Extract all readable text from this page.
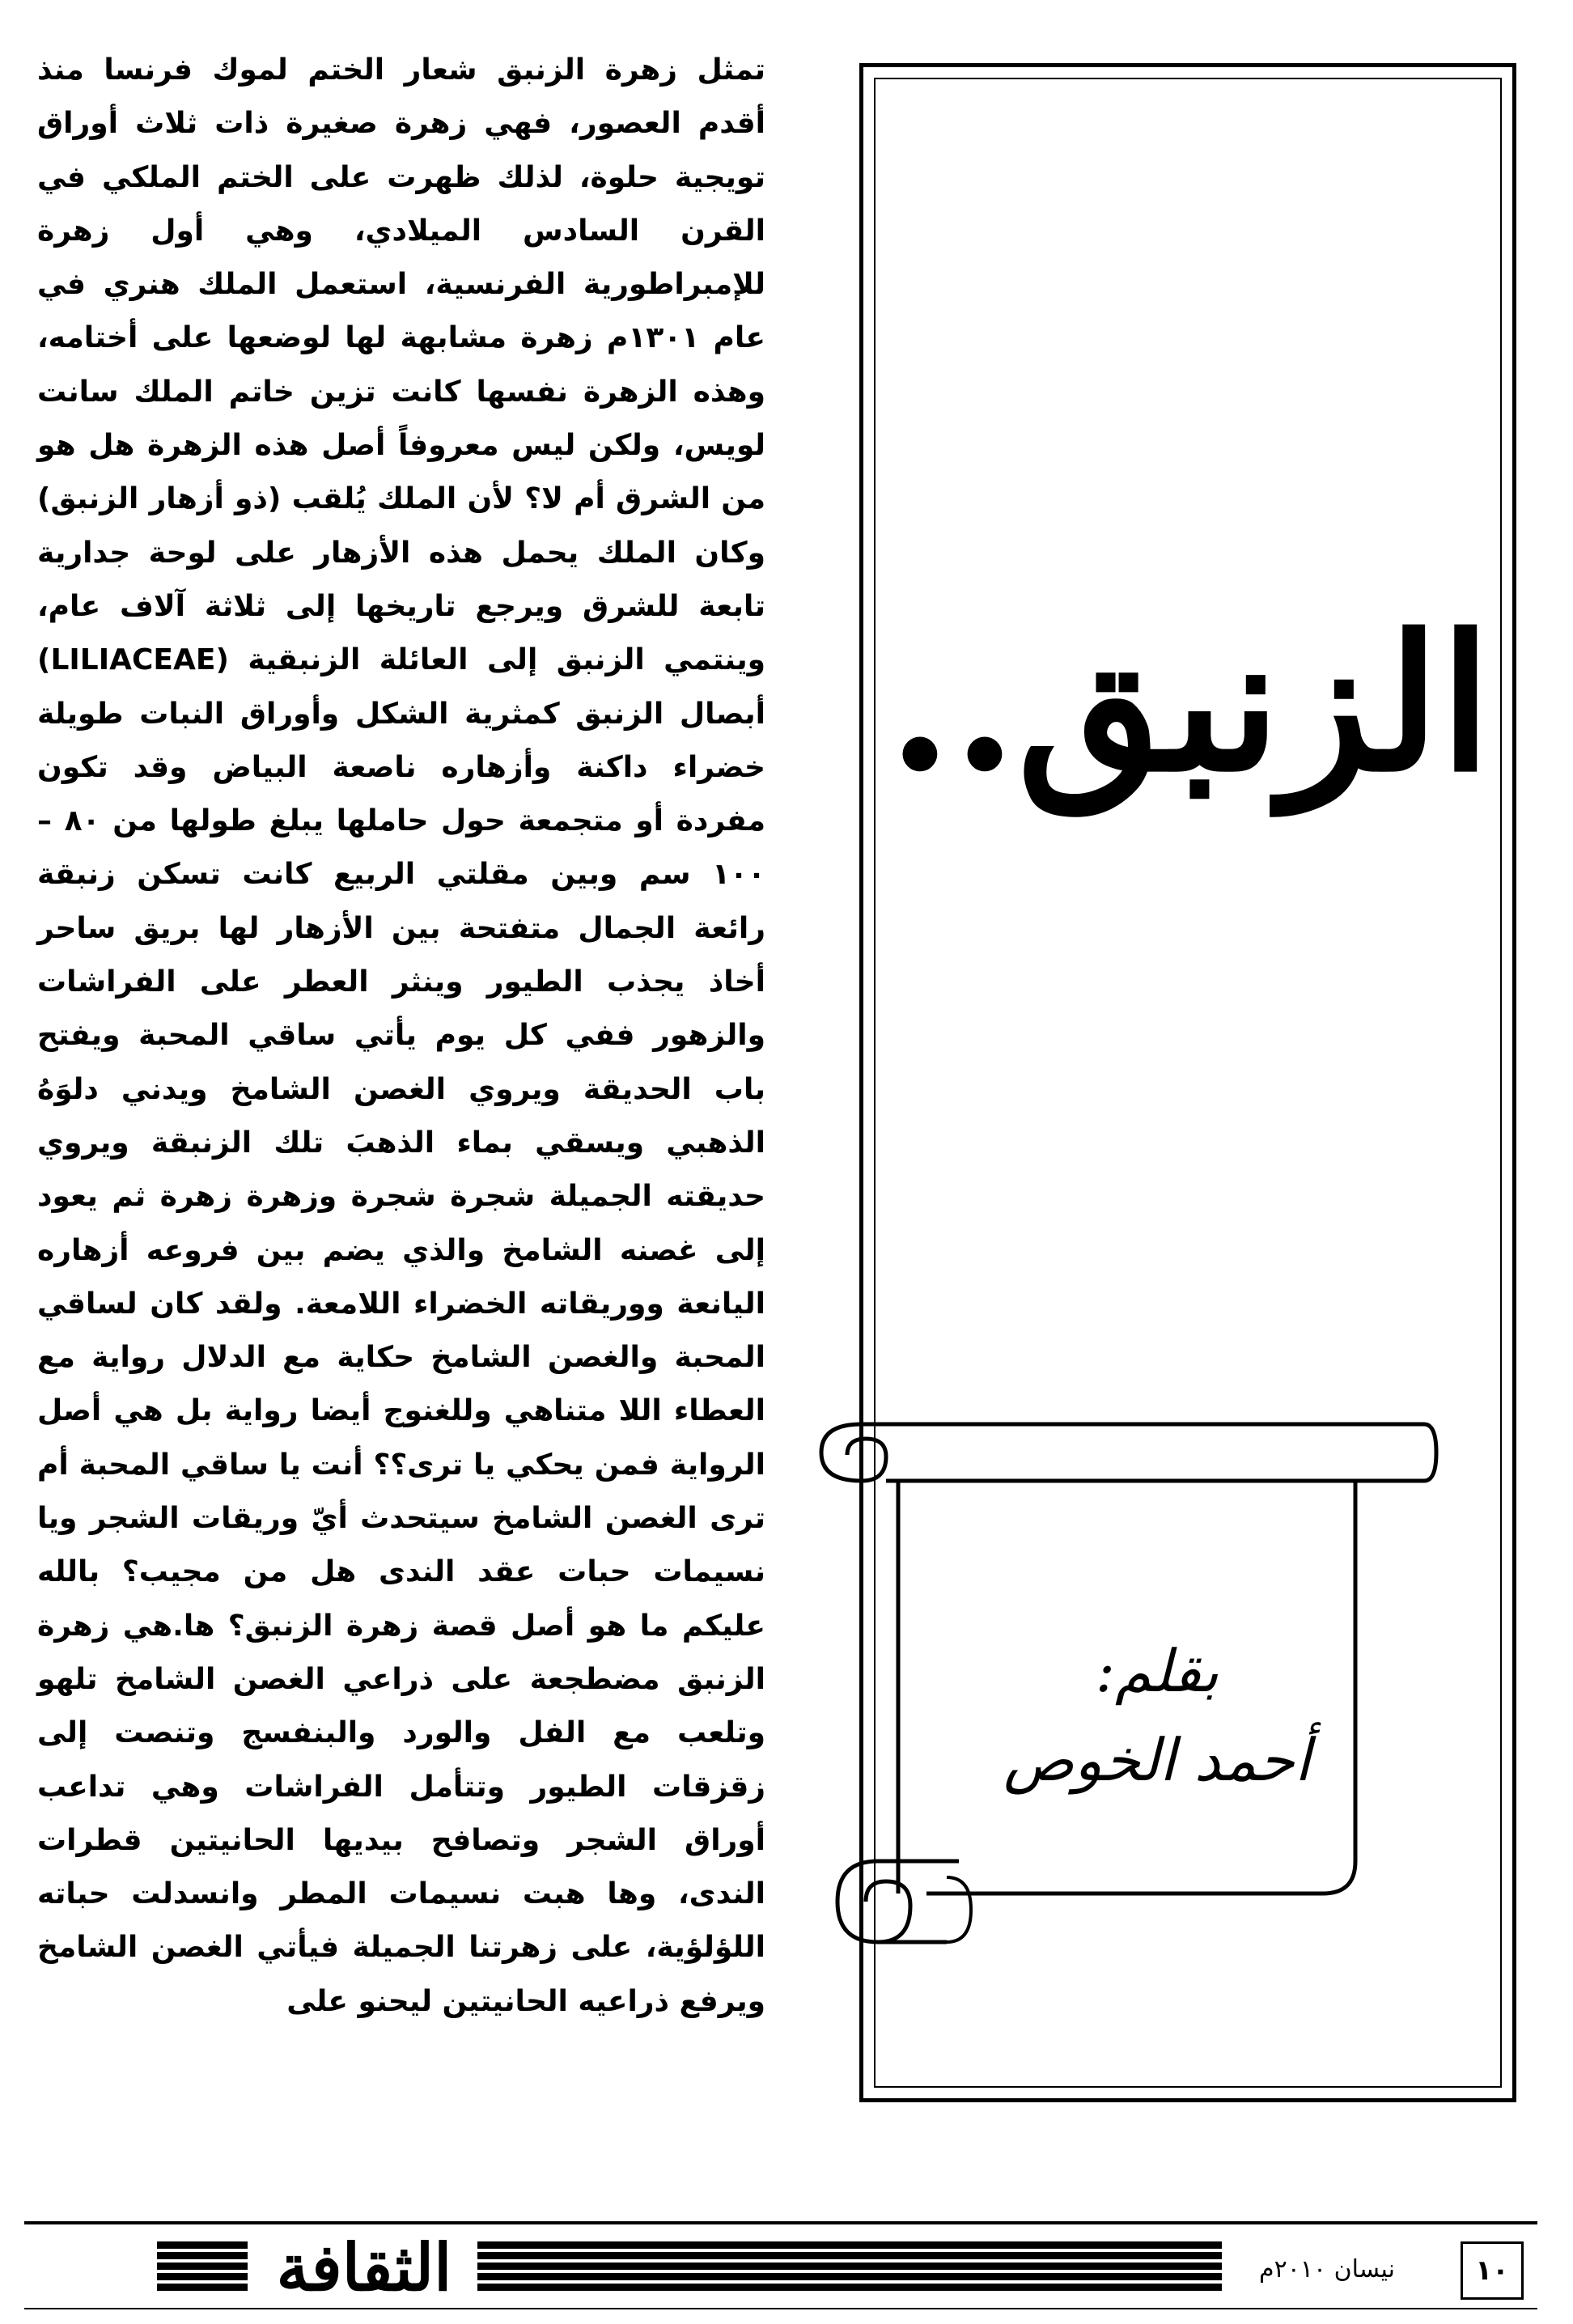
الزنبق..
بقلم:
أحمد الخوص

تمثل زهرة الزنبق شعار الختم لموك فرنسا منذ أقدم العصور، فهي زهرة صغيرة ذات ثلاث أوراق تويجية حلوة، لذلك ظهرت على الختم الملكي في القرن السادس الميلادي، وهي أول زهرة للإمبراطورية الفرنسية، استعمل الملك هنري في عام ١٣٠١م زهرة مشابهة لها لوضعها على أختامه، وهذه الزهرة نفسها كانت تزين خاتم الملك سانت لويس، ولكن ليس معروفاً أصل هذه الزهرة هل هو من الشرق أم لا؟ لأن الملك يُلقب (ذو أزهار الزنبق) وكان الملك يحمل هذه الأزهار على لوحة جدارية تابعة للشرق ويرجع تاريخها إلى ثلاثة آلاف عام، وينتمي الزنبق إلى العائلة الزنبقية (LILIACEAE) أبصال الزنبق كمثرية الشكل وأوراق النبات طويلة خضراء داكنة وأزهاره ناصعة البياض وقد تكون مفردة أو متجمعة حول حاملها يبلغ طولها من ٨٠ – ١٠٠ سم وبين مقلتي الربيع كانت تسكن زنبقة رائعة الجمال متفتحة بين الأزهار لها بريق ساحر أخاذ يجذب الطيور وينثر العطر على الفراشات والزهور ففي كل يوم يأتي ساقي المحبة ويفتح باب الحديقة ويروي الغصن الشامخ ويدني دلوَهُ الذهبي ويسقي بماء الذهبَ تلك الزنبقة ويروي حديقته الجميلة شجرة شجرة وزهرة زهرة ثم يعود إلى غصنه الشامخ والذي يضم بين فروعه أزهاره اليانعة ووريقاته الخضراء اللامعة. ولقد كان لساقي المحبة والغصن الشامخ حكاية مع الدلال رواية مع العطاء اللا متناهي وللغنوج أيضا رواية بل هي أصل الرواية فمن يحكي يا ترى؟؟ أنت يا ساقي المحبة أم ترى الغصن الشامخ سيتحدث أيّ وريقات الشجر ويا نسيمات حبات عقد الندى هل من مجيب؟ بالله عليكم ما هو أصل قصة زهرة الزنبق؟ ها.هي زهرة الزنبق مضطجعة على ذراعي الغصن الشامخ تلهو وتلعب مع الفل والورد والبنفسج وتنصت إلى زقزقات الطيور وتتأمل الفراشات وهي تداعب أوراق الشجر وتصافح بيديها الحانيتين قطرات الندى، وها هبت نسيمات المطر وانسدلت حباته اللؤلؤية، على زهرتنا الجميلة فيأتي الغصن الشامخ ويرفع ذراعيه الحانيتين ليحنو على

الثقافة	نيسان ٢٠١٠م	١٠
